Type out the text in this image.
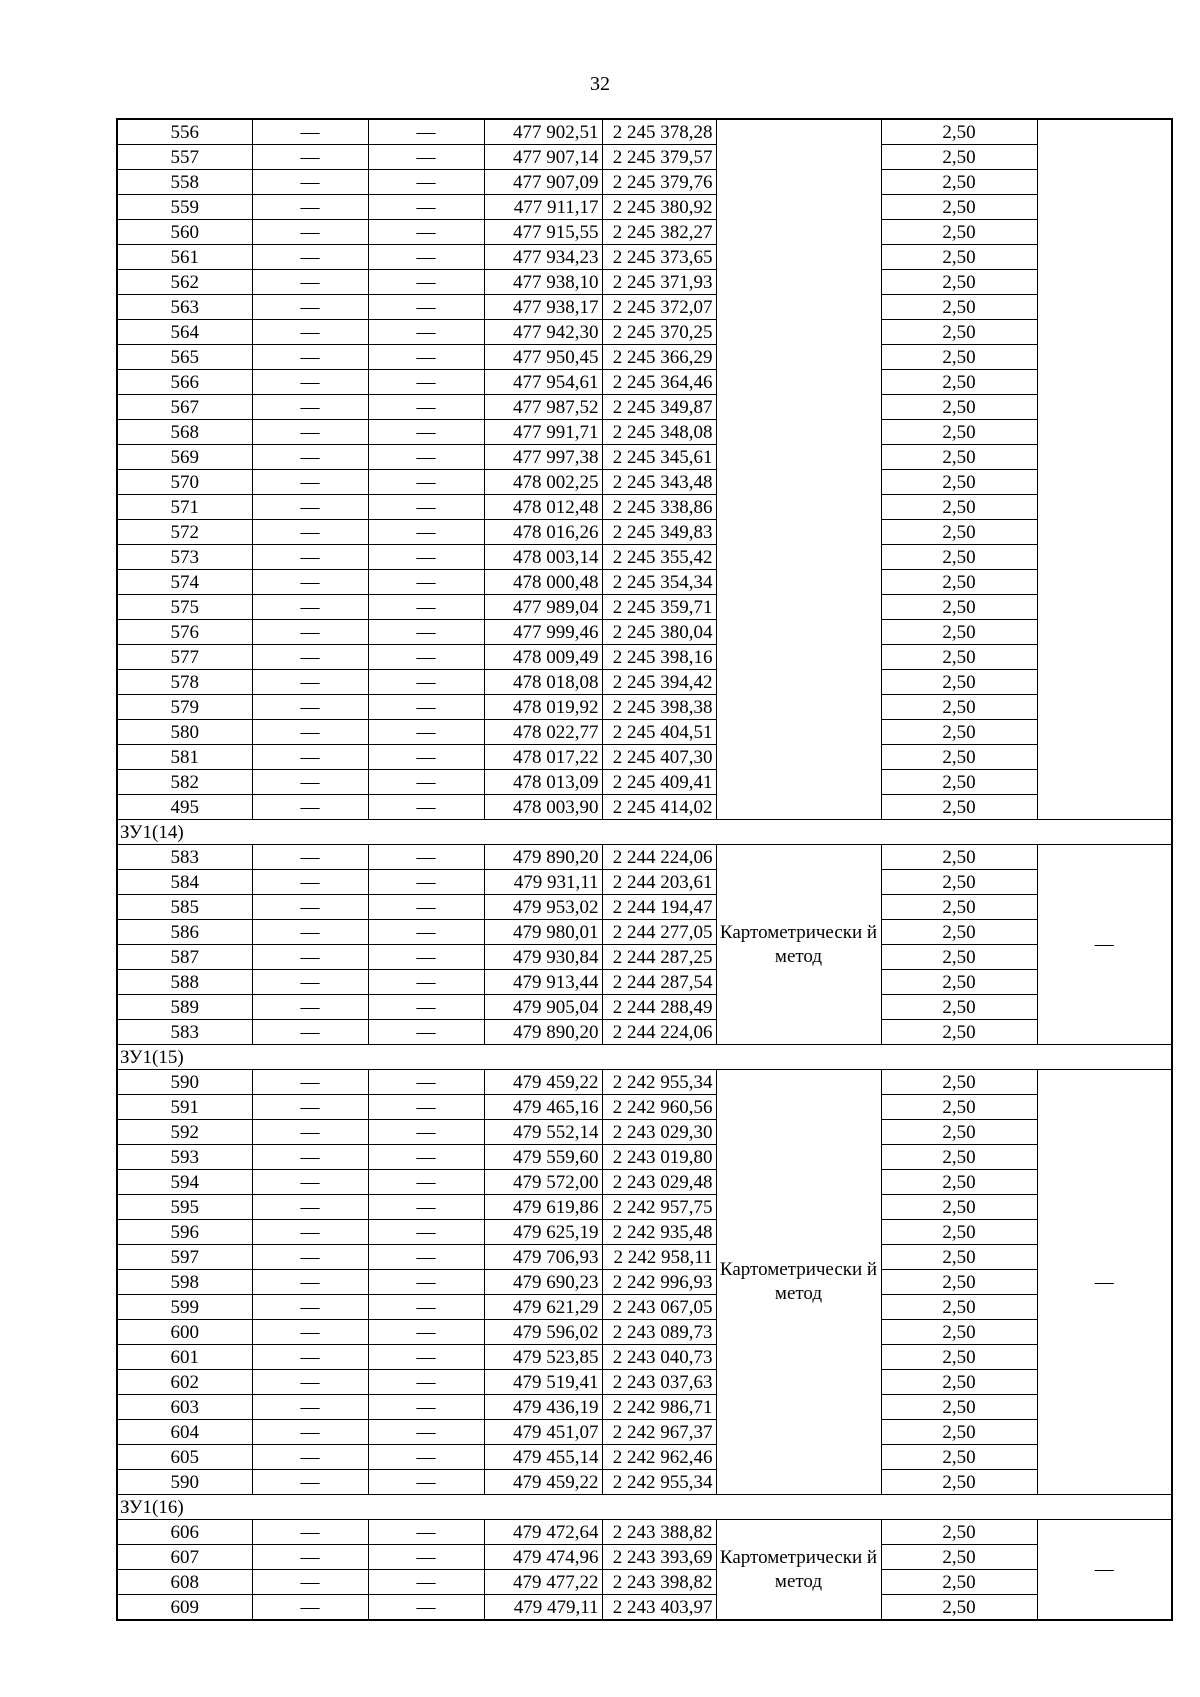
32
556	—	—	477 902,51	2 245 378,28		2,50	
557	—	—	477 907,14	2 245 379,57		2,50	
558	—	—	477 907,09	2 245 379,76		2,50	
559	—	—	477 911,17	2 245 380,92		2,50	
560	—	—	477 915,55	2 245 382,27		2,50	
561	—	—	477 934,23	2 245 373,65		2,50	
562	—	—	477 938,10	2 245 371,93		2,50	
563	—	—	477 938,17	2 245 372,07		2,50	
564	—	—	477 942,30	2 245 370,25		2,50	
565	—	—	477 950,45	2 245 366,29		2,50	
566	—	—	477 954,61	2 245 364,46		2,50	
567	—	—	477 987,52	2 245 349,87		2,50	
568	—	—	477 991,71	2 245 348,08		2,50	
569	—	—	477 997,38	2 245 345,61		2,50	
570	—	—	478 002,25	2 245 343,48		2,50	
571	—	—	478 012,48	2 245 338,86		2,50	
572	—	—	478 016,26	2 245 349,83		2,50	
573	—	—	478 003,14	2 245 355,42		2,50	
574	—	—	478 000,48	2 245 354,34		2,50	
575	—	—	477 989,04	2 245 359,71		2,50	
576	—	—	477 999,46	2 245 380,04		2,50	
577	—	—	478 009,49	2 245 398,16		2,50	
578	—	—	478 018,08	2 245 394,42		2,50	
579	—	—	478 019,92	2 245 398,38		2,50	
580	—	—	478 022,77	2 245 404,51		2,50	
581	—	—	478 017,22	2 245 407,30		2,50	
582	—	—	478 013,09	2 245 409,41		2,50	
495	—	—	478 003,90	2 245 414,02		2,50	
ЗУ1(14)							
583	—	—	479 890,20	2 244 224,06	Картометрически й метод	2,50	—
584	—	—	479 931,11	2 244 203,61		2,50	
585	—	—	479 953,02	2 244 194,47		2,50	
586	—	—	479 980,01	2 244 277,05		2,50	
587	—	—	479 930,84	2 244 287,25		2,50	
588	—	—	479 913,44	2 244 287,54		2,50	
589	—	—	479 905,04	2 244 288,49		2,50	
583	—	—	479 890,20	2 244 224,06		2,50	
ЗУ1(15)							
590	—	—	479 459,22	2 242 955,34	Картометрически й метод	2,50	—
591	—	—	479 465,16	2 242 960,56		2,50	
592	—	—	479 552,14	2 243 029,30		2,50	
593	—	—	479 559,60	2 243 019,80		2,50	
594	—	—	479 572,00	2 243 029,48		2,50	
595	—	—	479 619,86	2 242 957,75		2,50	
596	—	—	479 625,19	2 242 935,48		2,50	
597	—	—	479 706,93	2 242 958,11		2,50	
598	—	—	479 690,23	2 242 996,93		2,50	
599	—	—	479 621,29	2 243 067,05		2,50	
600	—	—	479 596,02	2 243 089,73		2,50	
601	—	—	479 523,85	2 243 040,73		2,50	
602	—	—	479 519,41	2 243 037,63		2,50	
603	—	—	479 436,19	2 242 986,71		2,50	
604	—	—	479 451,07	2 242 967,37		2,50	
605	—	—	479 455,14	2 242 962,46		2,50	
590	—	—	479 459,22	2 242 955,34		2,50	
ЗУ1(16)							
606	—	—	479 472,64	2 243 388,82	Картометрически й метод	2,50	—
607	—	—	479 474,96	2 243 393,69		2,50	
608	—	—	479 477,22	2 243 398,82		2,50	
609	—	—	479 479,11	2 243 403,97		2,50	
